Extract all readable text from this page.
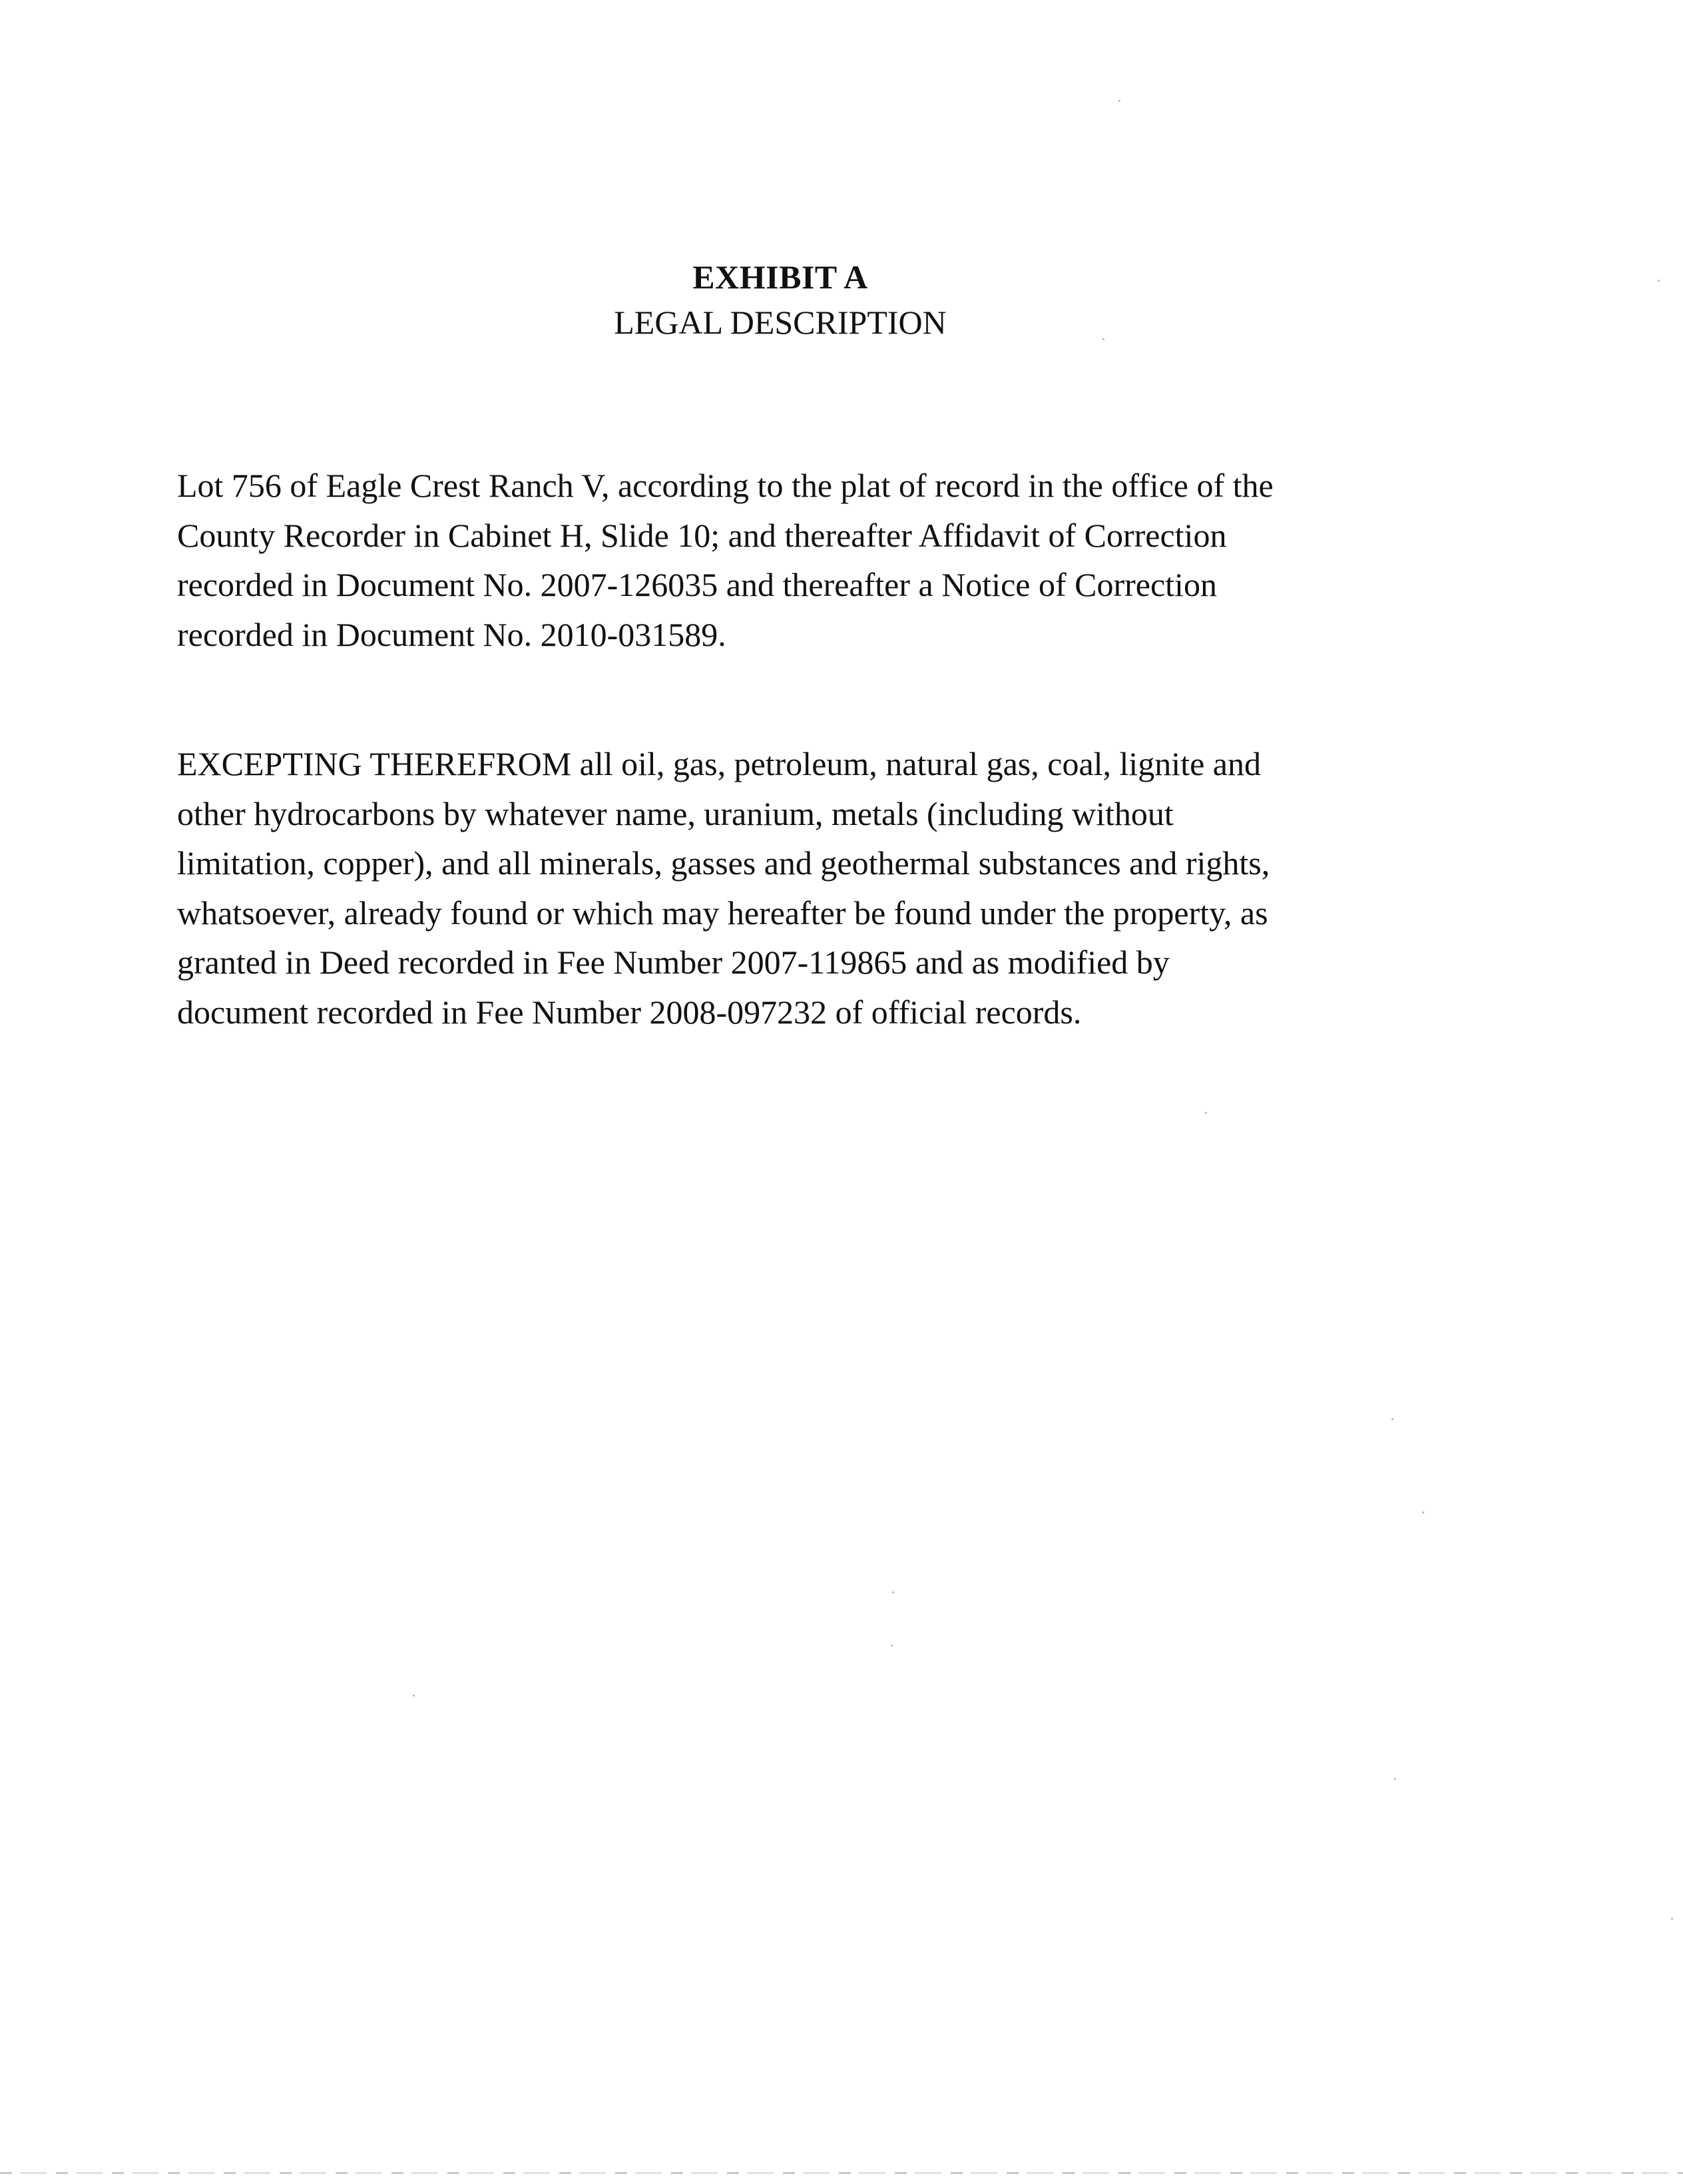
EXHIBIT A
LEGAL DESCRIPTION

Lot 756 of Eagle Crest Ranch V, according to the plat of record in the office of the
County Recorder in Cabinet H, Slide 10; and thereafter Affidavit of Correction
recorded in Document No. 2007-126035 and thereafter a Notice of Correction
recorded in Document No. 2010-031589.

EXCEPTING THEREFROM all oil, gas, petroleum, natural gas, coal, lignite and
other hydrocarbons by whatever name, uranium, metals (including without
limitation, copper), and all minerals, gasses and geothermal substances and rights,
whatsoever, already found or which may hereafter be found under the property, as
granted in Deed recorded in Fee Number 2007-119865 and as modified by
document recorded in Fee Number 2008-097232 of official records.
